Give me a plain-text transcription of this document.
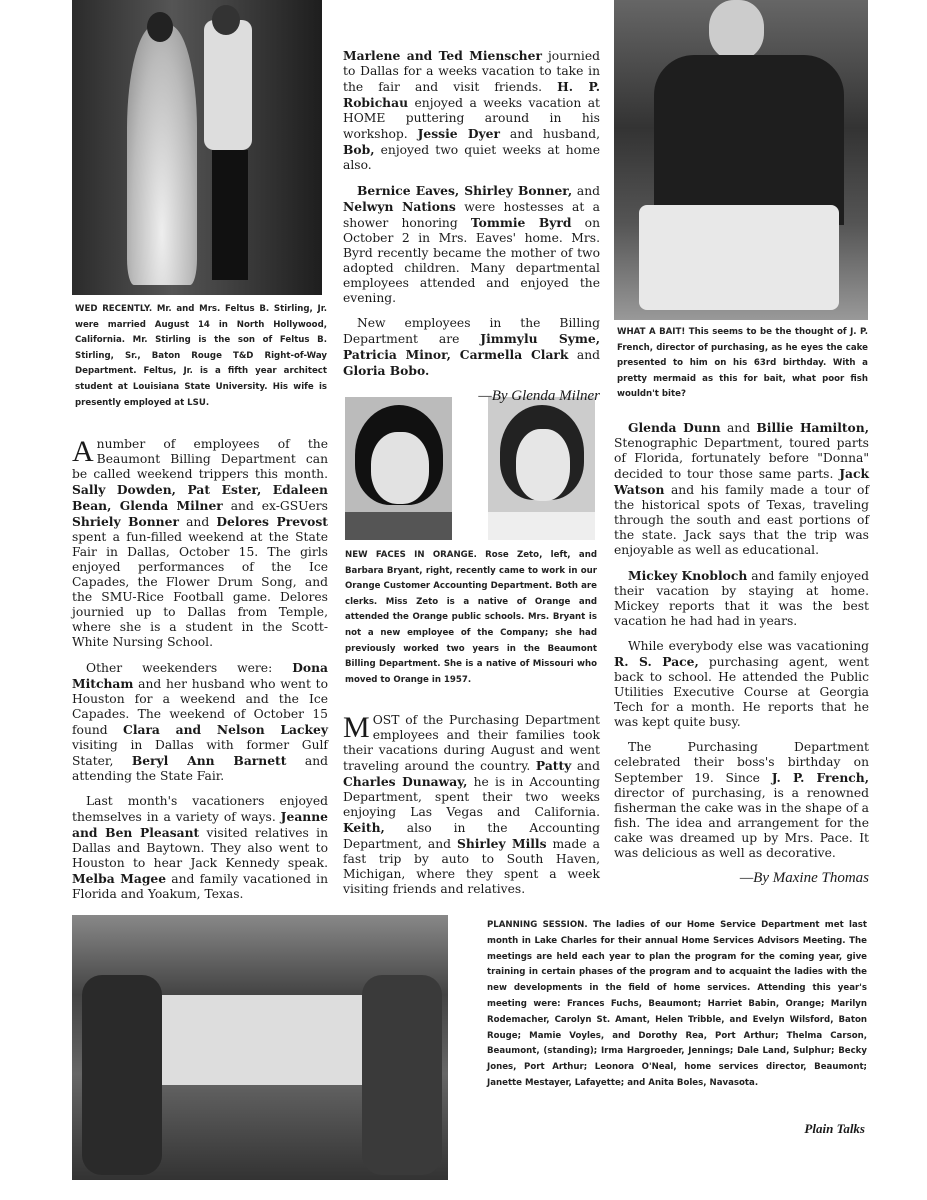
WED RECENTLY. Mr. and Mrs. Feltus B. Stirling, Jr. were married August 14 in North Hollywood, California. Mr. Stirling is the son of Feltus B. Stirling, Sr., Baton Rouge T&D Right-of-Way Department. Feltus, Jr. is a fifth year architect student at Louisiana State University. His wife is presently employed at LSU.
WHAT A BAIT! This seems to be the thought of J. P. French, director of purchasing, as he eyes the cake presented to him on his 63rd birthday. With a pretty mermaid as this for bait, what poor fish wouldn't bite?
NEW FACES IN ORANGE. Rose Zeto, left, and Barbara Bryant, right, recently came to work in our Orange Customer Accounting Department. Both are clerks. Miss Zeto is a native of Orange and attended the Orange public schools. Mrs. Bryant is not a new employee of the Company; she had previously worked two years in the Beaumont Billing Department. She is a native of Missouri who moved to Orange in 1957.
PLANNING SESSION. The ladies of our Home Service Department met last month in Lake Charles for their annual Home Services Advisors Meeting. The meetings are held each year to plan the program for the coming year, give training in certain phases of the program and to acquaint the ladies with the new developments in the field of home services. Attending this year's meeting were: Frances Fuchs, Beaumont; Harriet Babin, Orange; Marilyn Rodemacher, Carolyn St. Amant, Helen Tribble, and Evelyn Wilsford, Baton Rouge; Mamie Voyles, and Dorothy Rea, Port Arthur; Thelma Carson, Beaumont, (standing); Irma Hargroeder, Jennings; Dale Land, Sulphur; Becky Jones, Port Arthur; Leonora O'Neal, home services director, Beaumont; Janette Mestayer, Lafayette; and Anita Boles, Navasota.
A number of employees of the Beaumont Billing Department can be called weekend trippers this month. Sally Dowden, Pat Ester, Edaleen Bean, Glenda Milner and ex-GSUers Shriely Bonner and Delores Prevost spent a fun-filled weekend at the State Fair in Dallas, October 15. The girls enjoyed performances of the Ice Capades, the Flower Drum Song, and the SMU-Rice Football game. Delores journied up to Dallas from Temple, where she is a student in the Scott-White Nursing School.

Other weekenders were: Dona Mitcham and her husband who went to Houston for a weekend and the Ice Capades. The weekend of October 15 found Clara and Nelson Lackey visiting in Dallas with former Gulf Stater, Beryl Ann Barnett and attending the State Fair.

Last month's vacationers enjoyed themselves in a variety of ways. Jeanne and Ben Pleasant visited relatives in Dallas and Baytown. They also went to Houston to hear Jack Kennedy speak. Melba Magee and family vacationed in Florida and Yoakum, Texas.

Marlene and Ted Mienscher journied to Dallas for a weeks vacation to take in the fair and visit friends. H. P. Robichau enjoyed a weeks vacation at HOME puttering around in his workshop. Jessie Dyer and husband, Bob, enjoyed two quiet weeks at home also.

Bernice Eaves, Shirley Bonner, and Nelwyn Nations were hostesses at a shower honoring Tommie Byrd on October 2 in Mrs. Eaves' home. Mrs. Byrd recently became the mother of two adopted children. Many departmental employees attended and enjoyed the evening.

New employees in the Billing Department are Jimmylu Syme, Patricia Minor, Carmella Clark and Gloria Bobo.

—By Glenda Milner
M OST of the Purchasing Department employees and their families took their vacations during August and went traveling around the country. Patty and Charles Dunaway, he is in Accounting Department, spent their two weeks enjoying Las Vegas and California. Keith, also in the Accounting Department, and Shirley Mills made a fast trip by auto to South Haven, Michigan, where they spent a week visiting friends and relatives.

Glenda Dunn and Billie Hamilton, Stenographic Department, toured parts of Florida, fortunately before "Donna" decided to tour those same parts. Jack Watson and his family made a tour of the historical spots of Texas, traveling through the south and east portions of the state. Jack says that the trip was enjoyable as well as educational.

Mickey Knobloch and family enjoyed their vacation by staying at home. Mickey reports that it was the best vacation he had had in years.

While everybody else was vacationing R. S. Pace, purchasing agent, went back to school. He attended the Public Utilities Executive Course at Georgia Tech for a month. He reports that he was kept quite busy.

The Purchasing Department celebrated their boss's birthday on September 19. Since J. P. French, director of purchasing, is a renowned fisherman the cake was in the shape of a fish. The idea and arrangement for the cake was dreamed up by Mrs. Pace. It was delicious as well as decorative.

—By Maxine Thomas
Plain Talks
